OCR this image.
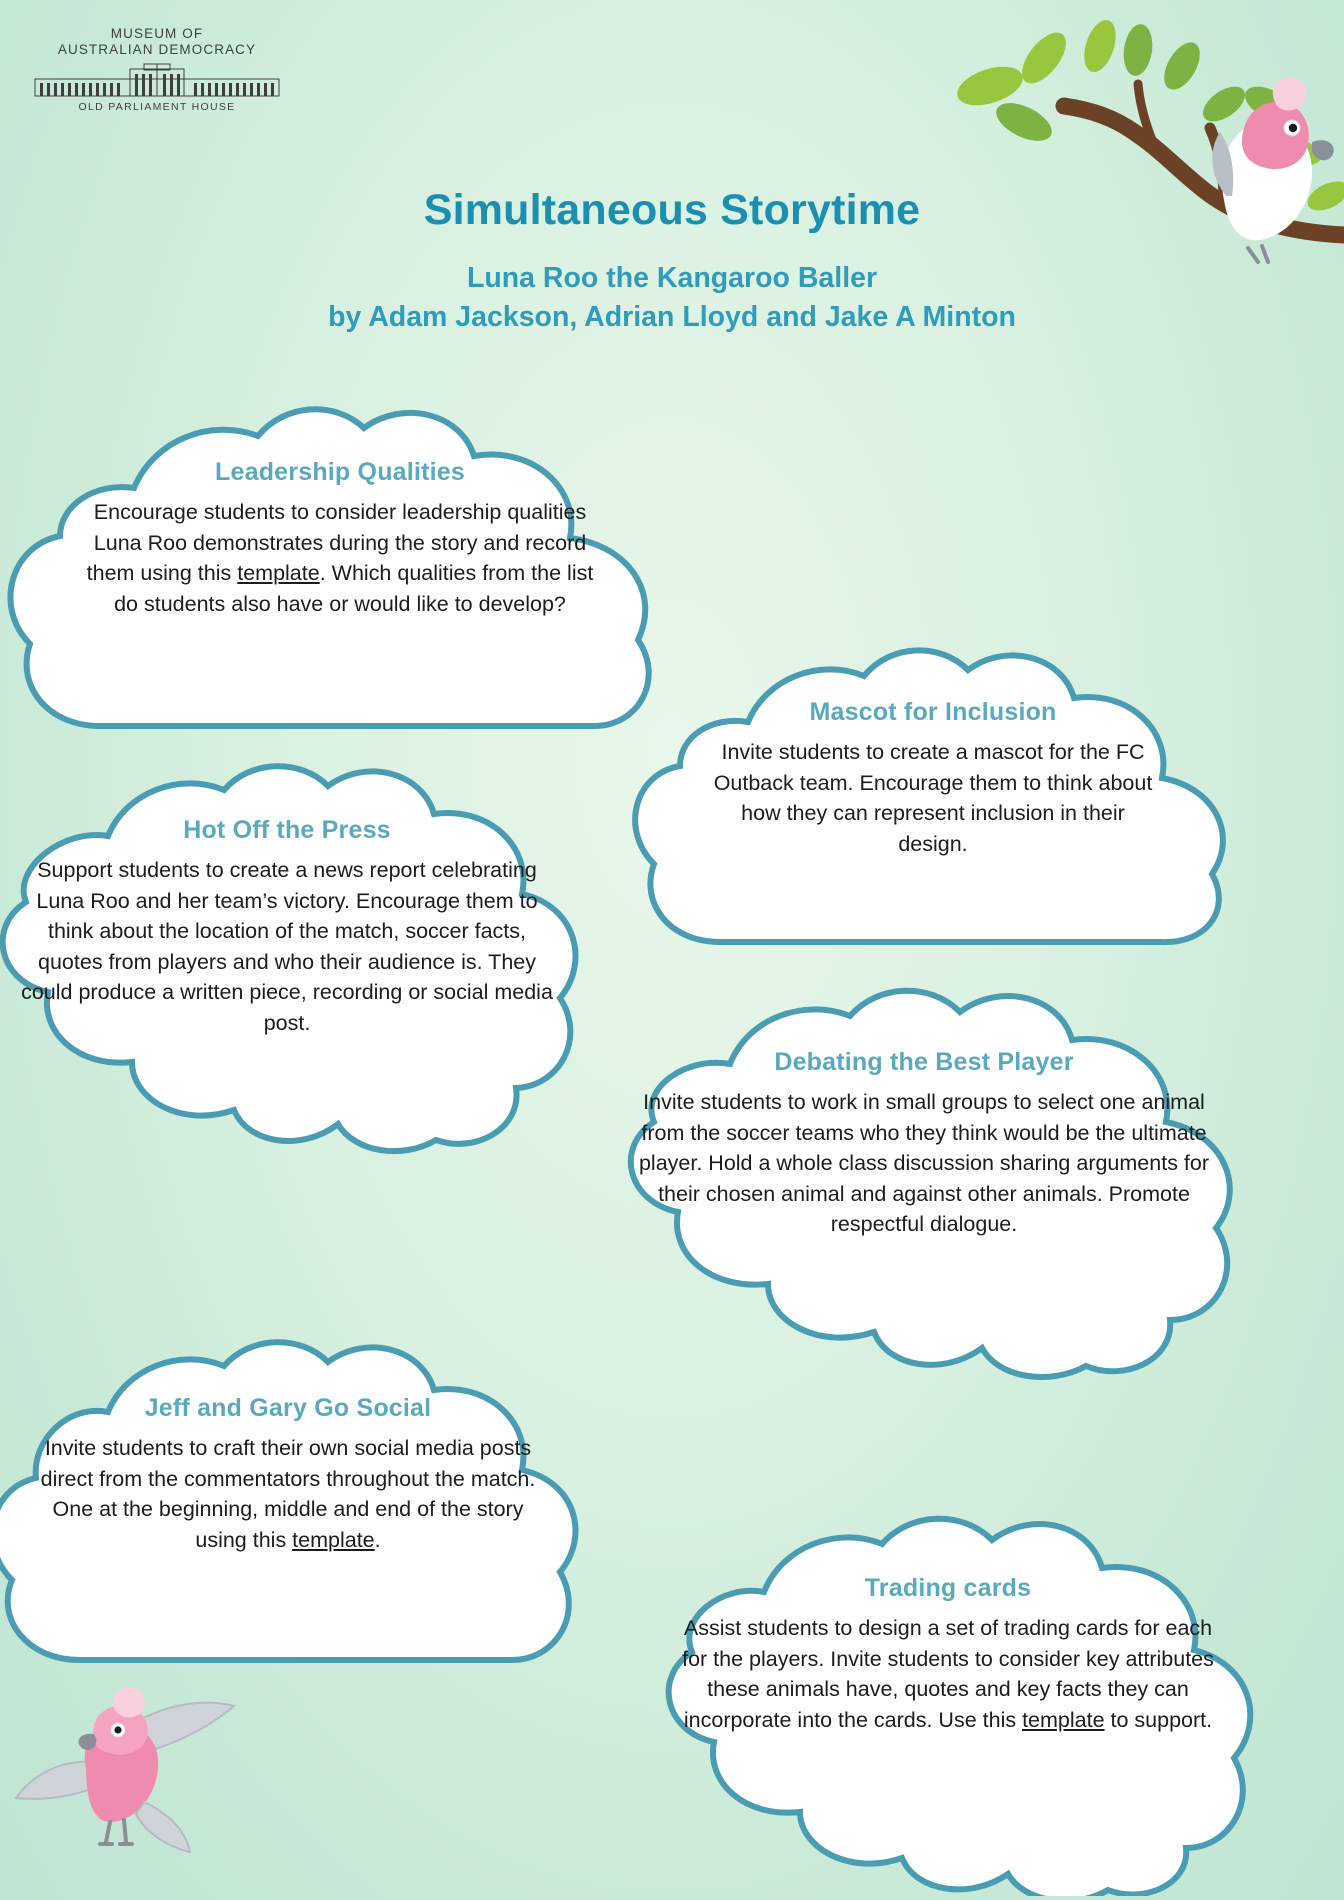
MUSEUM OF
AUSTRALIAN DEMOCRACY
OLD PARLIAMENT HOUSE
Simultaneous Storytime
Luna Roo the Kangaroo Baller
by Adam Jackson, Adrian Lloyd and Jake A Minton
Leadership Qualities

Encourage students to consider leadership qualities Luna Roo demonstrates during the story and record them using this template. Which qualities from the list do students also have or would like to develop?

Mascot for Inclusion

Invite students to create a mascot for the FC Outback team. Encourage them to think about how they can represent inclusion in their design.

Hot Off the Press

Support students to create a news report celebrating Luna Roo and her team’s victory. Encourage them to think about the location of the match, soccer facts, quotes from players and who their audience is. They could produce a written piece, recording or social media post.

Debating the Best Player

Invite students to work in small groups to select one animal from the soccer teams who they think would be the ultimate player. Hold a whole class discussion sharing arguments for their chosen animal and against other animals. Promote respectful dialogue.

Jeff and Gary Go Social

Invite students to craft their own social media posts direct from the commentators throughout the match. One at the beginning, middle and end of the story using this template.

Trading cards

Assist students to design a set of trading cards for each for the players. Invite students to consider key attributes these animals have, quotes and key facts they can incorporate into the cards. Use this template to support.
